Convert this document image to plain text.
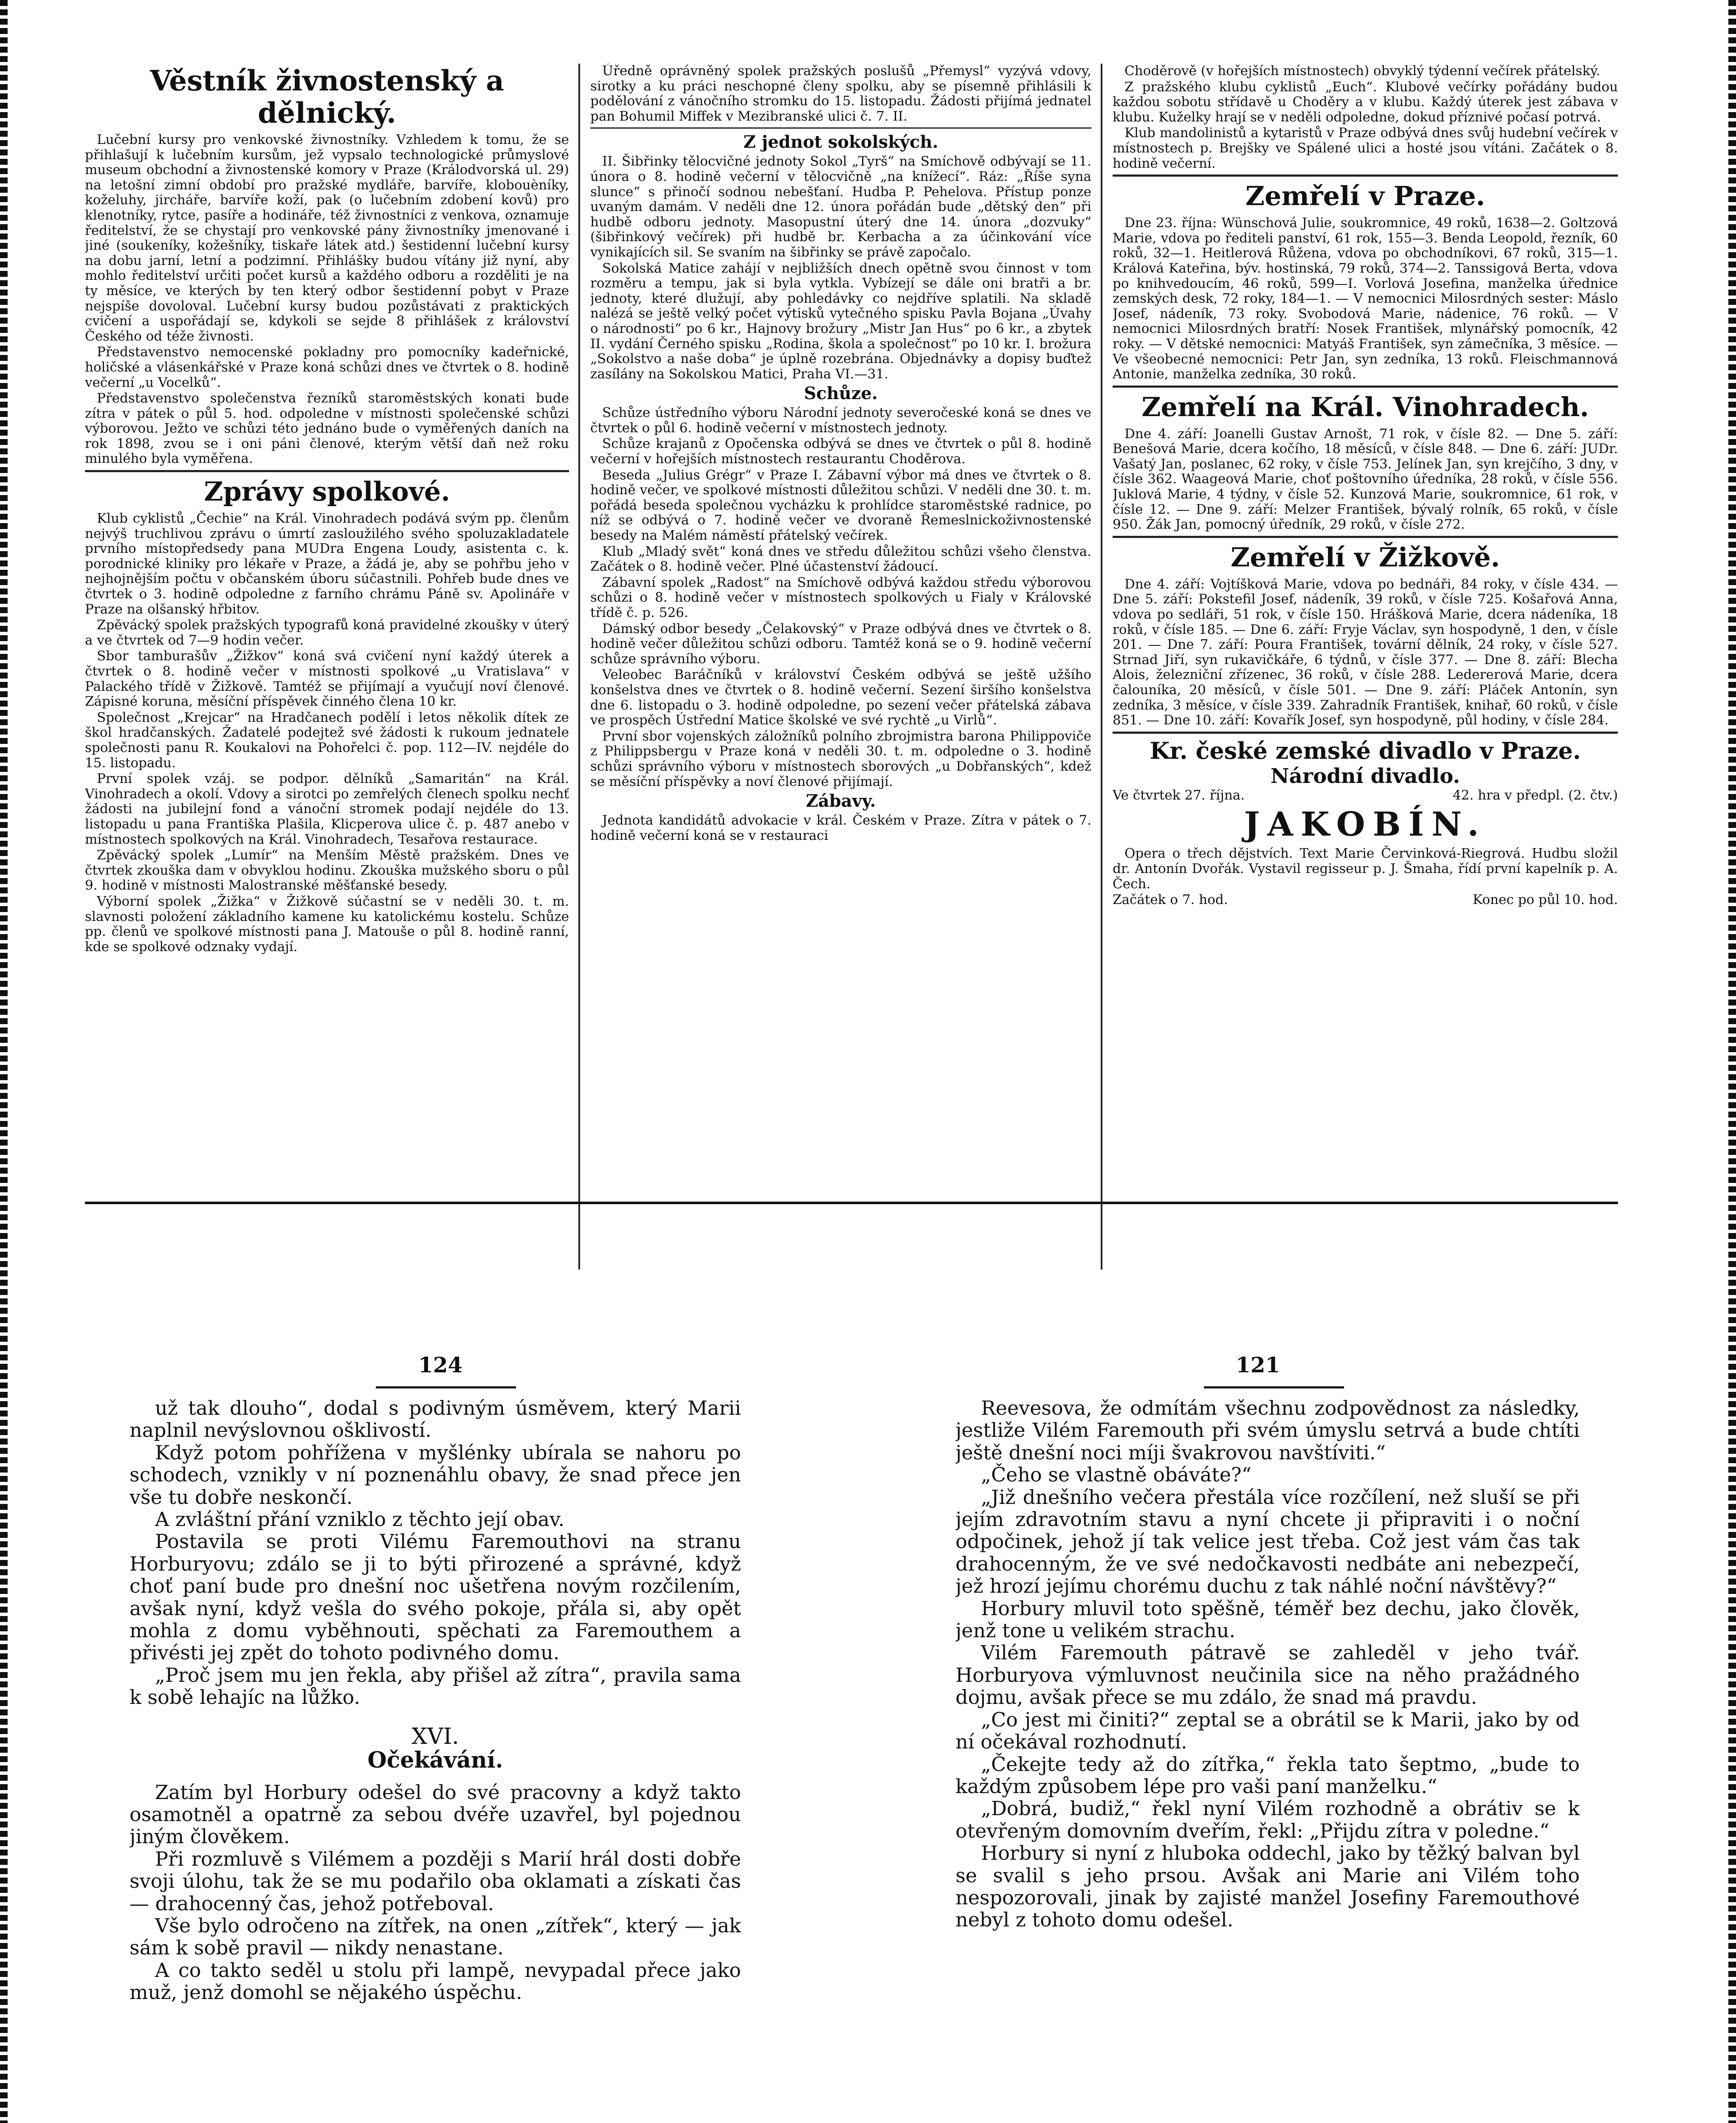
Věstník živnostenský a dělnický.

Lučební kursy pro venkovské živnostníky. Vzhledem k tomu, že se přihlašují k lučebním kursům, jež vypsalo technologické průmyslové museum obchodní a živnostenské komory v Praze (Králodvorská ul. 29) na letošní zimní období pro pražské mydláře, barvíře, klobouèníky, koželuhy, jircháře, barvíře koží, pak (o lučebním zdobení kovů) pro klenotníky, rytce, pasíře a hodináře, též živnostníci z venkova, oznamuje ředitelství, že se chystají pro venkovské pány živnostníky jmenované i jiné (soukeníky, kožešníky, tiskaře látek atd.) šestidenní lučební kursy na dobu jarní, letní a podzimní. Přihlášky budou vítány již nyní, aby mohlo ředitelství určiti počet kursů a každého odboru a rozděliti je na ty měsíce, ve kterých by ten který odbor šestidenní pobyt v Praze nejspíše dovoloval. Lučební kursy budou pozůstávati z praktických cvičení a uspořádají se, kdykoli se sejde 8 přihlášek z království Českého od téže živnosti.

Představenstvo nemocenské pokladny pro pomocníky kadeřnické, holičské a vlásenkářské v Praze koná schůzi dnes ve čtvrtek o 8. hodině večerní „u Vocelků“.

Představenstvo společenstva řezníků staroměstských konati bude zítra v pátek o půl 5. hod. odpoledne v místnosti společenské schůzi výborovou. Ježto ve schůzi této jednáno bude o vyměřených daních na rok 1898, zvou se i oni páni členové, kterým větší daň než roku minulého byla vyměřena.

Zprávy spolkové.

Klub cyklistů „Čechie“ na Král. Vinohradech podává svým pp. členům nejvýš truchlivou zprávu o úmrtí zasloužilého svého spoluzakladatele prvního místopředsedy pana MUDra Engena Loudy, asistenta c. k. porodnické kliniky pro lékaře v Praze, a žádá je, aby se pohřbu jeho v nejhojnějším počtu v občanském úboru súčastnili. Pohřeb bude dnes ve čtvrtek o 3. hodině odpoledne z farního chrámu Páně sv. Apolináře v Praze na olšanský hřbitov.

Zpěvácký spolek pražských typografů koná pravidelné zkoušky v úterý a ve čtvrtek od 7—9 hodin večer.

Sbor tamburašův „Žižkov“ koná svá cvičení nyní každý úterek a čtvrtek o 8. hodině večer v místnosti spolkové „u Vratislava“ v Palackého třídě v Žižkově. Tamtéž se přijímají a vyučují noví členové. Zápisné koruna, měsíční příspěvek činného člena 10 kr.

Společnost „Krejcar“ na Hradčanech podělí i letos několik dítek ze škol hradčanských. Žadatelé podejtež své žádosti k rukoum jednatele společnosti panu R. Koukalovi na Pohořelci č. pop. 112—IV. nejdéle do 15. listopadu.

První spolek vzáj. se podpor. dělníků „Samaritán“ na Král. Vinohradech a okolí. Vdovy a sirotci po zemřelých členech spolku nechť žádosti na jubilejní fond a vánoční stromek podají nejdéle do 13. listopadu u pana Františka Plašila, Klicperova ulice č. p. 487 anebo v místnostech spolkových na Král. Vinohradech, Tesařova restaurace.

Zpěvácký spolek „Lumír“ na Menším Městě pražském. Dnes ve čtvrtek zkouška dam v obvyklou hodinu. Zkouška mužského sboru o půl 9. hodině v místnosti Malostranské měšťanské besedy.

Výborní spolek „Žižka“ v Žižkově súčastní se v neděli 30. t. m. slavnosti položení základního kamene ku katolickému kostelu. Schůze pp. členů ve spolkové místnosti pana J. Matouše o půl 8. hodině ranní, kde se spolkové odznaky vydají.

Úředně oprávněný spolek pražských poslušů „Přemysl“ vyzývá vdovy, sirotky a ku práci neschopné členy spolku, aby se písemně přihlásili k podělování z vánočního stromku do 15. listopadu. Žádosti přijímá jednatel pan Bohumil Miffek v Mezibranské ulici č. 7. II.

Z jednot sokolských.

II. Šibřinky tělocvičné jednoty Sokol „Tyrš“ na Smíchově odbývají se 11. února o 8. hodině večerní v tělocvičně „na knížecí“. Ráz: „Říše syna slunce“ s přinočí sodnou nebešťaní. Hudba P. Pehelova. Přístup ponze uvaným damám. V neděli dne 12. února pořádán bude „dětský den“ při hudbě odboru jednoty. Masopustní úterý dne 14. února „dozvuky“ (šibřinkový večírek) při hudbě br. Kerbacha a za účinkování více vynikajících sil. Se svaním na šibřinky se právě započalo.

Sokolská Matice zahájí v nejbližších dnech opětně svou činnost v tom rozměru a tempu, jak si byla vytkla. Vybízejí se dále oni bratři a br. jednoty, které dlužují, aby pohledávky co nejdříve splatili. Na skladě nalézá se ještě velký počet výtisků vytečného spisku Pavla Bojana „Úvahy o národnosti“ po 6 kr., Hajnovy brožury „Mistr Jan Hus“ po 6 kr., a zbytek II. vydání Černého spisku „Rodina, škola a společnost“ po 10 kr. I. brožura „Sokolstvo a naše doba“ je úplně rozebrána. Objednávky a dopisy buďtež zasílány na Sokolskou Matici, Praha VI.—31.

Schůze.

Schůze ústředního výboru Národní jednoty severočeské koná se dnes ve čtvrtek o půl 6. hodině večerní v místnostech jednoty.

Schůze krajanů z Opočenska odbývá se dnes ve čtvrtek o půl 8. hodině večerní v hořejších místnostech restaurantu Choděrova.

Beseda „Julius Grégr“ v Praze I. Zábavní výbor má dnes ve čtvrtek o 8. hodině večer, ve spolkové místnosti důležitou schůzi. V neděli dne 30. t. m. pořádá beseda společnou vycházku k prohlídce staroměstské radnice, po níž se odbývá o 7. hodině večer ve dvoraně Řemeslnickoživnostenské besedy na Malém náměstí přátelský večírek.

Klub „Mladý svět“ koná dnes ve středu důležitou schůzi všeho členstva. Začátek o 8. hodině večer. Plné účastenství žádoucí.

Zábavní spolek „Radost“ na Smíchově odbývá každou středu výborovou schůzi o 8. hodině večer v místnostech spolkových u Fialy v Královské třídě č. p. 526.

Dámský odbor besedy „Čelakovský“ v Praze odbývá dnes ve čtvrtek o 8. hodině večer důležitou schůzi odboru. Tamtéž koná se o 9. hodině večerní schůze správního výboru.

Veleobec Baráčníků v království Českém odbývá se ještě užšího konšelstva dnes ve čtvrtek o 8. hodině večerní. Sezení širšího konšelstva dne 6. listopadu o 3. hodině odpoledne, po sezení večer přátelská zábava ve prospěch Ústřední Matice školské ve své rychtě „u Virlů“.

První sbor vojenských záložníků polního zbrojmistra barona Philippoviče z Philippsbergu v Praze koná v neděli 30. t. m. odpoledne o 3. hodině schůzi správního výboru v místnostech sborových „u Dobřanských“, kdež se měsíční příspěvky a noví členové přijímají.

Zábavy.

Jednota kandidátů advokacie v král. Českém v Praze. Zítra v pátek o 7. hodině večerní koná se v restauraci

Choděrově (v hořejších místnostech) obvyklý týdenní večírek přátelský.

Z pražského klubu cyklistů „Euch“. Klubové večírky pořádány budou každou sobotu střídavě u Choděry a v klubu. Každý úterek jest zábava v klubu. Kuželky hrají se v neděli odpoledne, dokud příznivé počasí potrvá.

Klub mandolinistů a kytaristů v Praze odbývá dnes svůj hudební večírek v místnostech p. Brejšky ve Spálené ulici a hosté jsou vítáni. Začátek o 8. hodině večerní.

Zemřelí v Praze.

Dne 23. října: Wünschová Julie, soukromnice, 49 roků, 1638—2. Goltzová Marie, vdova po řediteli panství, 61 rok, 155—3. Benda Leopold, řezník, 60 roků, 32—1. Heitlerová Růžena, vdova po obchodníkovi, 67 roků, 315—1. Králová Kateřina, býv. hostinská, 79 roků, 374—2. Tanssigová Berta, vdova po knihvedoucím, 46 roků, 599—I. Vorlová Josefina, manželka úřednice zemských desk, 72 roky, 184—1. — V nemocnici Milosrdných sester: Máslo Josef, nádeník, 73 roky. Svobodová Marie, nádenice, 76 roků. — V nemocnici Milosrdných bratří: Nosek František, mlynářský pomocník, 42 roky. — V dětské nemocnici: Matyáš František, syn zámečníka, 3 měsíce. — Ve všeobecné nemocnici: Petr Jan, syn zedníka, 13 roků. Fleischmannová Antonie, manželka zedníka, 30 roků.

Zemřelí na Král. Vinohradech.

Dne 4. září: Joanelli Gustav Arnošt, 71 rok, v čísle 82. — Dne 5. září: Benešová Marie, dcera kočího, 18 měsíců, v čísle 848. — Dne 6. září: JUDr. Vašatý Jan, poslanec, 62 roky, v čísle 753. Jelínek Jan, syn krejčího, 3 dny, v čísle 362. Waageová Marie, choť poštovního úředníka, 28 roků, v čísle 556. Juklová Marie, 4 týdny, v čísle 52. Kunzová Marie, soukromnice, 61 rok, v čísle 12. — Dne 9. září: Melzer František, bývalý rolník, 65 roků, v čísle 950. Žák Jan, pomocný úředník, 29 roků, v čísle 272.

Zemřelí v Žižkově.

Dne 4. září: Vojtíšková Marie, vdova po bednáři, 84 roky, v čísle 434. — Dne 5. září: Pokstefil Josef, nádeník, 39 roků, v čísle 725. Košařová Anna, vdova po sedláři, 51 rok, v čísle 150. Hrášková Marie, dcera nádeníka, 18 roků, v čísle 185. — Dne 6. září: Fryje Václav, syn hospodyně, 1 den, v čísle 201. — Dne 7. září: Poura František, tovární dělník, 24 roky, v čísle 527. Strnad Jiří, syn rukavičkáře, 6 týdnů, v čísle 377. — Dne 8. září: Blecha Alois, železniční zřízenec, 36 roků, v čísle 288. Ledererová Marie, dcera čalouníka, 20 měsíců, v čísle 501. — Dne 9. září: Pláček Antonín, syn zedníka, 3 měsíce, v čísle 339. Zahradník František, knihař, 60 roků, v čísle 851. — Dne 10. září: Kovařík Josef, syn hospodyně, půl hodiny, v čísle 284.

Kr. české zemské divadlo v Praze.
Národní divadlo.
Ve čtvrtek 27. října.	42. hra v předpl. (2. čtv.)
JAKOBÍN.

Opera o třech dějstvích. Text Marie Červinková-Riegrová. Hudbu složil dr. Antonín Dvořák. Vystavil regisseur p. J. Šmaha, řídí první kapelník p. A. Čech.

Začátek o 7. hod.	Konec po půl 10. hod.
124

už tak dlouho“, dodal s podivným úsměvem, který Marii naplnil nevýslovnou ošklivostí.

Když potom pohřížena v myšlénky ubírala se nahoru po schodech, vznikly v ní poznenáhlu obavy, že snad přece jen vše tu dobře neskončí.

A zvláštní přání vzniklo z těchto její obav.

Postavila se proti Vilému Faremouthovi na stranu Horburyovu; zdálo se ji to býti přirozené a správné, když choť paní bude pro dnešní noc ušetřena novým rozčilením, avšak nyní, když vešla do svého pokoje, přála si, aby opět mohla z domu vyběhnouti, spěchati za Faremouthem a přivésti jej zpět do tohoto podivného domu.

„Proč jsem mu jen řekla, aby přišel až zítra“, pravila sama k sobě lehajíc na lůžko.

XVI.
Očekávání.

Zatím byl Horbury odešel do své pracovny a když takto osamotněl a opatrně za sebou dvéře uzavřel, byl pojednou jiným člověkem.

Při rozmluvě s Vilémem a později s Marií hrál dosti dobře svoji úlohu, tak že se mu podařilo oba oklamati a získati čas — drahocenný čas, jehož potřeboval.

Vše bylo odročeno na zítřek, na onen „zítřek“, který — jak sám k sobě pravil — nikdy nenastane.

A co takto seděl u stolu při lampě, nevypadal přece jako muž, jenž domohl se nějakého úspěchu.

121

Reevesova, že odmítám všechnu zodpovědnost za následky, jestliže Vilém Faremouth při svém úmyslu setrvá a bude chtíti ještě dnešní noci míji švakrovou navštíviti.“

„Čeho se vlastně obáváte?“

„Již dnešního večera přestála více rozčílení, než sluší se při jejím zdravotním stavu a nyní chcete ji připraviti i o noční odpočinek, jehož jí tak velice jest třeba. Což jest vám čas tak drahocenným, že ve své nedočkavosti nedbáte ani nebezpečí, jež hrozí jejímu chorému duchu z tak náhlé noční návštěvy?“

Horbury mluvil toto spěšně, téměř bez dechu, jako člověk, jenž tone u velikém strachu.

Vilém Faremouth pátravě se zahleděl v jeho tvář. Horburyova výmluvnost neučinila sice na něho pražádného dojmu, avšak přece se mu zdálo, že snad má pravdu.

„Co jest mi činiti?“ zeptal se a obrátil se k Marii, jako by od ní očekával rozhodnutí.

„Čekejte tedy až do zítřka,“ řekla tato šeptmo, „bude to každým způsobem lépe pro vaši paní manželku.“

„Dobrá, budiž,“ řekl nyní Vilém rozhodně a obrátiv se k otevřeným domovním dveřím, řekl: „Přijdu zítra v poledne.“

Horbury si nyní z hluboka oddechl, jako by těžký balvan byl se svalil s jeho prsou. Avšak ani Marie ani Vilém toho nespozorovali, jinak by zajisté manžel Josefiny Faremouthové nebyl z tohoto domu odešel.
